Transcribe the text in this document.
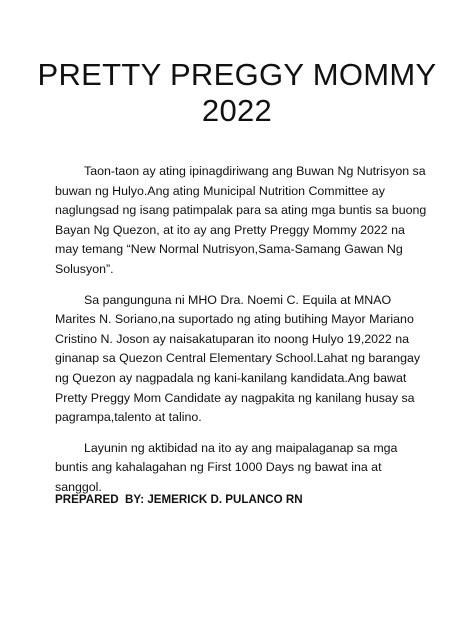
PRETTY PREGGY MOMMY
2022

Taon-taon ay ating ipinagdiriwang ang Buwan Ng Nutrisyon sa buwan ng Hulyo.Ang ating Municipal Nutrition Committee ay naglungsad ng isang patimpalak para sa ating mga buntis sa buong Bayan Ng Quezon, at ito ay ang Pretty Preggy Mommy 2022 na may temang “New Normal Nutrisyon,Sama-Samang Gawan Ng Solusyon”.

Sa pangunguna ni MHO Dra. Noemi C. Equila at MNAO Marites N. Soriano,na suportado ng ating butihing Mayor Mariano Cristino N. Joson ay naisakatuparan ito noong Hulyo 19,2022 na ginanap sa Quezon Central Elementary School.Lahat ng barangay ng Quezon ay nagpadala ng kani-kanilang kandidata.Ang bawat Pretty Preggy Mom Candidate ay nagpakita ng kanilang husay sa pagrampa,talento at talino.

Layunin ng aktibidad na ito ay ang maipalaganap sa mga buntis ang kahalagahan ng First 1000 Days ng bawat ina at sanggol.

PREPARED  BY: JEMERICK D. PULANCO RN
